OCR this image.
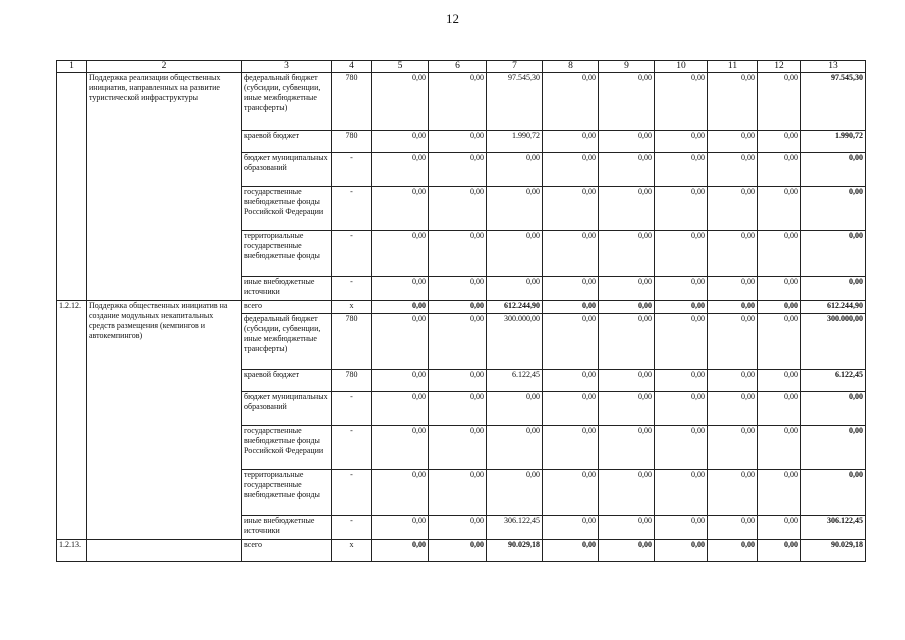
12
1	2	3	4	5	6	7	8	9	10	11	12	13
	Поддержка реализации общественных инициатив, направленных на развитие туристической инфраструктуры	федеральный бюджет (субсидии, субвенции, иные межбюджетные трансферты)	780	0,00	0,00	97.545,30	0,00	0,00	0,00	0,00	0,00	97.545,30
		краевой бюджет	780	0,00	0,00	1.990,72	0,00	0,00	0,00	0,00	0,00	1.990,72
		бюджет муниципальных образований	-	0,00	0,00	0,00	0,00	0,00	0,00	0,00	0,00	0,00
		государственные внебюджетные фонды Российской Федерации	-	0,00	0,00	0,00	0,00	0,00	0,00	0,00	0,00	0,00
		территориальные государственные внебюджетные фонды	-	0,00	0,00	0,00	0,00	0,00	0,00	0,00	0,00	0,00
		иные внебюджетные источники	-	0,00	0,00	0,00	0,00	0,00	0,00	0,00	0,00	0,00
1.2.12.	Поддержка общественных инициатив на создание модульных некапитальных средств размещения (кемпингов и автокемпингов)	всего	х	0,00	0,00	612.244,90	0,00	0,00	0,00	0,00	0,00	612.244,90
		федеральный бюджет (субсидии, субвенции, иные межбюджетные трансферты)	780	0,00	0,00	300.000,00	0,00	0,00	0,00	0,00	0,00	300.000,00
		краевой бюджет	780	0,00	0,00	6.122,45	0,00	0,00	0,00	0,00	0,00	6.122,45
		бюджет муниципальных образований	-	0,00	0,00	0,00	0,00	0,00	0,00	0,00	0,00	0,00
		государственные внебюджетные фонды Российской Федерации	-	0,00	0,00	0,00	0,00	0,00	0,00	0,00	0,00	0,00
		территориальные государственные внебюджетные фонды	-	0,00	0,00	0,00	0,00	0,00	0,00	0,00	0,00	0,00
		иные внебюджетные источники	-	0,00	0,00	306.122,45	0,00	0,00	0,00	0,00	0,00	306.122,45
1.2.13.		всего	х	0,00	0,00	90.029,18	0,00	0,00	0,00	0,00	0,00	90.029,18
